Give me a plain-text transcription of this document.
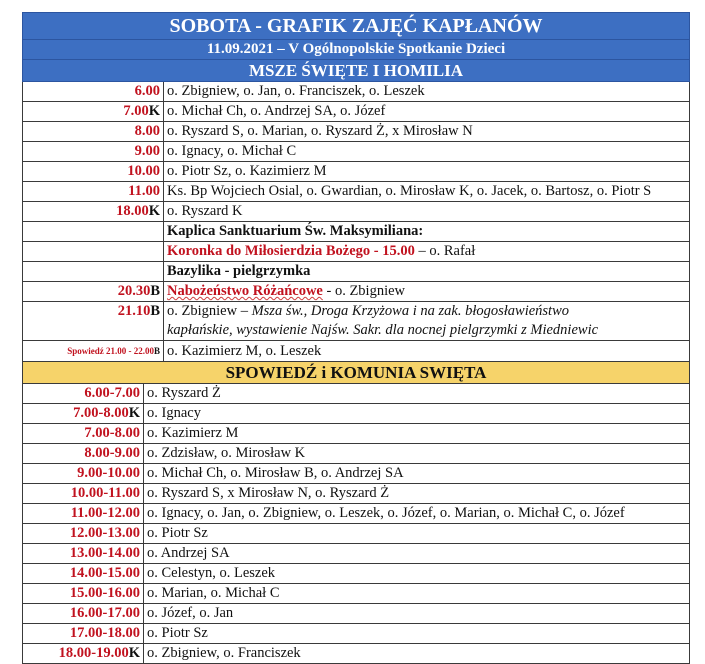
SOBOTA - GRAFIK ZAJĘĆ KAPŁANÓW	
11.09.2021 – V Ogólnopolskie Spotkanie Dzieci	
MSZE ŚWIĘTE I HOMILIA	
6.00	o. Zbigniew, o. Jan, o. Franciszek, o. Leszek
7.00K	o. Michał Ch, o. Andrzej SA, o. Józef
8.00	o. Ryszard S, o. Marian, o. Ryszard Ż, x Mirosław N
9.00	o. Ignacy, o. Michał C
10.00	o. Piotr Sz, o. Kazimierz M
11.00	Ks. Bp Wojciech Osial, o. Gwardian, o. Mirosław K, o. Jacek, o. Bartosz, o. Piotr S
18.00K	o. Ryszard K
	Kaplica Sanktuarium Św. Maksymiliana:
	Koronka do Miłosierdzia Bożego - 15.00 – o. Rafał
	Bazylika - pielgrzymka
20.30B	Nabożeństwo Różańcowe - o. Zbigniew
21.10B	o. Zbigniew – Msza św., Droga Krzyżowa i na zak. błogosławieństwo
kapłańskie, wystawienie Najśw. Sakr. dla nocnej pielgrzymki z Miedniewic
Spowiedź 21.00 - 22.00B	o. Kazimierz M, o. Leszek
SPOWIEDŹ i KOMUNIA SWIĘTA	
6.00-7.00	o. Ryszard Ż
7.00-8.00K	o. Ignacy
7.00-8.00	o. Kazimierz M
8.00-9.00	o. Zdzisław, o. Mirosław K
9.00-10.00	o. Michał Ch, o. Mirosław B, o. Andrzej SA
10.00-11.00	o. Ryszard S, x Mirosław N, o. Ryszard Ż
11.00-12.00	o. Ignacy, o. Jan, o. Zbigniew, o. Leszek, o. Józef, o. Marian, o. Michał C, o. Józef
12.00-13.00	o. Piotr Sz
13.00-14.00	o. Andrzej SA
14.00-15.00	o. Celestyn, o. Leszek
15.00-16.00	o. Marian, o. Michał C
16.00-17.00	o. Józef, o. Jan
17.00-18.00	o. Piotr Sz
18.00-19.00K	o. Zbigniew, o. Franciszek
